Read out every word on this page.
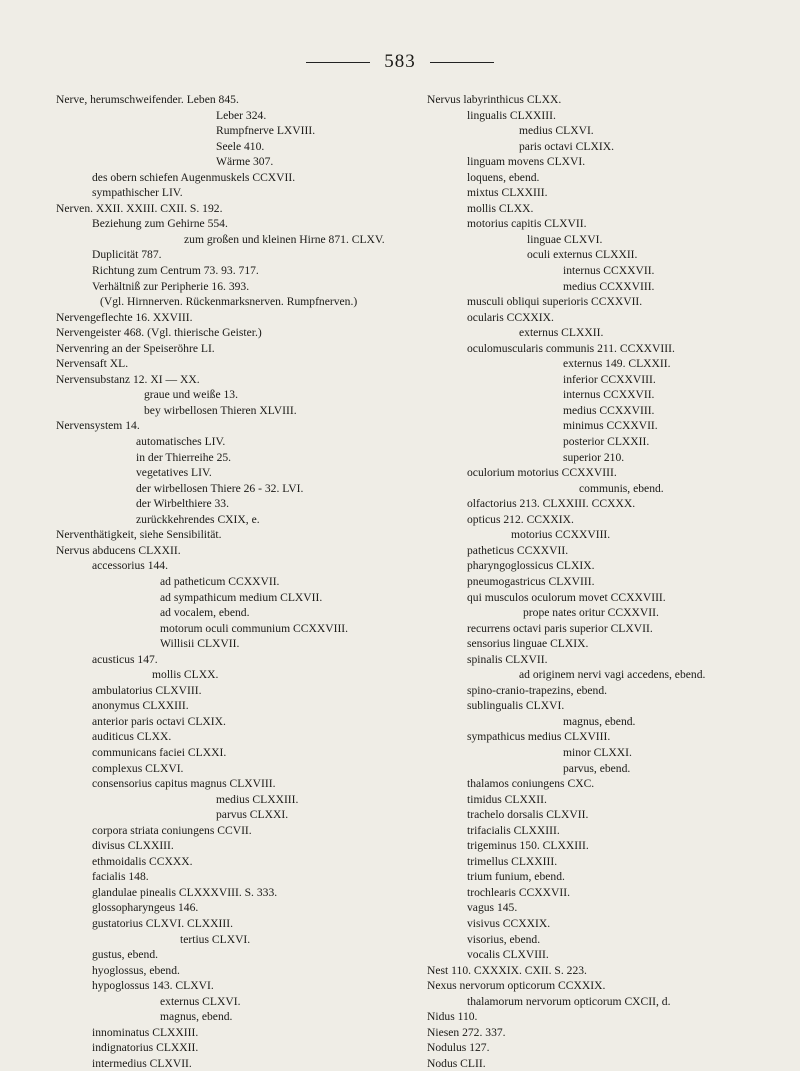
583
Nerve, herumschweifender. Leben 845.
Leber 324.
Rumpfnerve LXVIII.
Seele 410.
Wärme 307.
des obern schiefen Augenmuskels CCXVII.
sympathischer LIV.
Nerven. XXII. XXIII. CXII. S. 192.
Beziehung zum Gehirne 554.
zum großen und kleinen Hirne 871. CLXV.
Duplicität 787.
Richtung zum Centrum 73. 93. 717.
Verhältniß zur Peripherie 16. 393.
(Vgl. Hirnnerven. Rückenmarksnerven. Rumpfnerven.)
Nervengeflechte 16. XXVIII.
Nervengeister 468. (Vgl. thierische Geister.)
Nervenring an der Speiseröhre LI.
Nervensaft XL.
Nervensubstanz 12. XI — XX.
graue und weiße 13.
bey wirbellosen Thieren XLVIII.
Nervensystem 14.
automatisches LIV.
in der Thierreihe 25.
vegetatives LIV.
der wirbellosen Thiere 26 - 32. LVI.
der Wirbelthiere 33.
zurückkehrendes CXIX, e.
Nerventhätigkeit, siehe Sensibilität.
Nervus abducens CLXXII.
accessorius 144.
ad patheticum CCXXVII.
ad sympathicum medium CLXVII.
ad vocalem, ebend.
motorum oculi communium CCXXVIII.
Willisii CLXVII.
acusticus 147.
mollis CLXX.
ambulatorius CLXVIII.
anonymus CLXXIII.
anterior paris octavi CLXIX.
auditicus CLXX.
communicans faciei CLXXI.
complexus CLXVI.
consensorius capitus magnus CLXVIII.
medius CLXXIII.
parvus CLXXI.
corpora striata coniungens CCVII.
divisus CLXXIII.
ethmoidalis CCXXX.
facialis 148.
glandulae pinealis CLXXXVIII. S. 333.
glossopharyngeus 146.
gustatorius CLXVI. CLXXIII.
tertius CLXVI.
gustus, ebend.
hyoglossus, ebend.
hypoglossus 143. CLXVI.
externus CLXVI.
magnus, ebend.
innominatus CLXXIII.
indignatorius CLXXII.
intermedius CLXVII.
Nervus labyrinthicus CLXX.
lingualis CLXXIII.
medius CLXVI.
paris octavi CLXIX.
linguam movens CLXVI.
loquens, ebend.
mixtus CLXXIII.
mollis CLXX.
motorius capitis CLXVII.
linguae CLXVI.
oculi externus CLXXII.
internus CCXXVII.
medius CCXXVIII.
musculi obliqui superioris CCXXVII.
ocularis CCXXIX.
externus CLXXII.
oculomuscularis communis 211. CCXXVIII.
externus 149. CLXXII.
inferior CCXXVIII.
internus CCXXVII.
medius CCXXVIII.
minimus CCXXVII.
posterior CLXXII.
superior 210.
oculorium motorius CCXXVIII.
communis, ebend.
olfactorius 213. CLXXIII. CCXXX.
opticus 212. CCXXIX.
motorius CCXXVIII.
patheticus CCXXVII.
pharyngoglossicus CLXIX.
pneumogastricus CLXVIII.
qui musculos oculorum movet CCXXVIII.
prope nates oritur CCXXVII.
recurrens octavi paris superior CLXVII.
sensorius linguae CLXIX.
spinalis CLXVII.
ad originem nervi vagi accedens, ebend.
spino-cranio-trapezins, ebend.
sublingualis CLXVI.
magnus, ebend.
sympathicus medius CLXVIII.
minor CLXXI.
parvus, ebend.
thalamos coniungens CXC.
timidus CLXXII.
trachelo dorsalis CLXVII.
trifacialis CLXXIII.
trigeminus 150. CLXXIII.
trimellus CLXXIII.
trium funium, ebend.
trochlearis CCXXVII.
vagus 145.
visivus CCXXIX.
visorius, ebend.
vocalis CLXVIII.
Nest 110. CXXXIX. CXII. S. 223.
Nexus nervorum opticorum CCXXIX.
thalamorum nervorum opticorum CXCII, d.
Nidus 110.
Niesen 272. 337.
Nodulus 127.
Nodus CLII.
